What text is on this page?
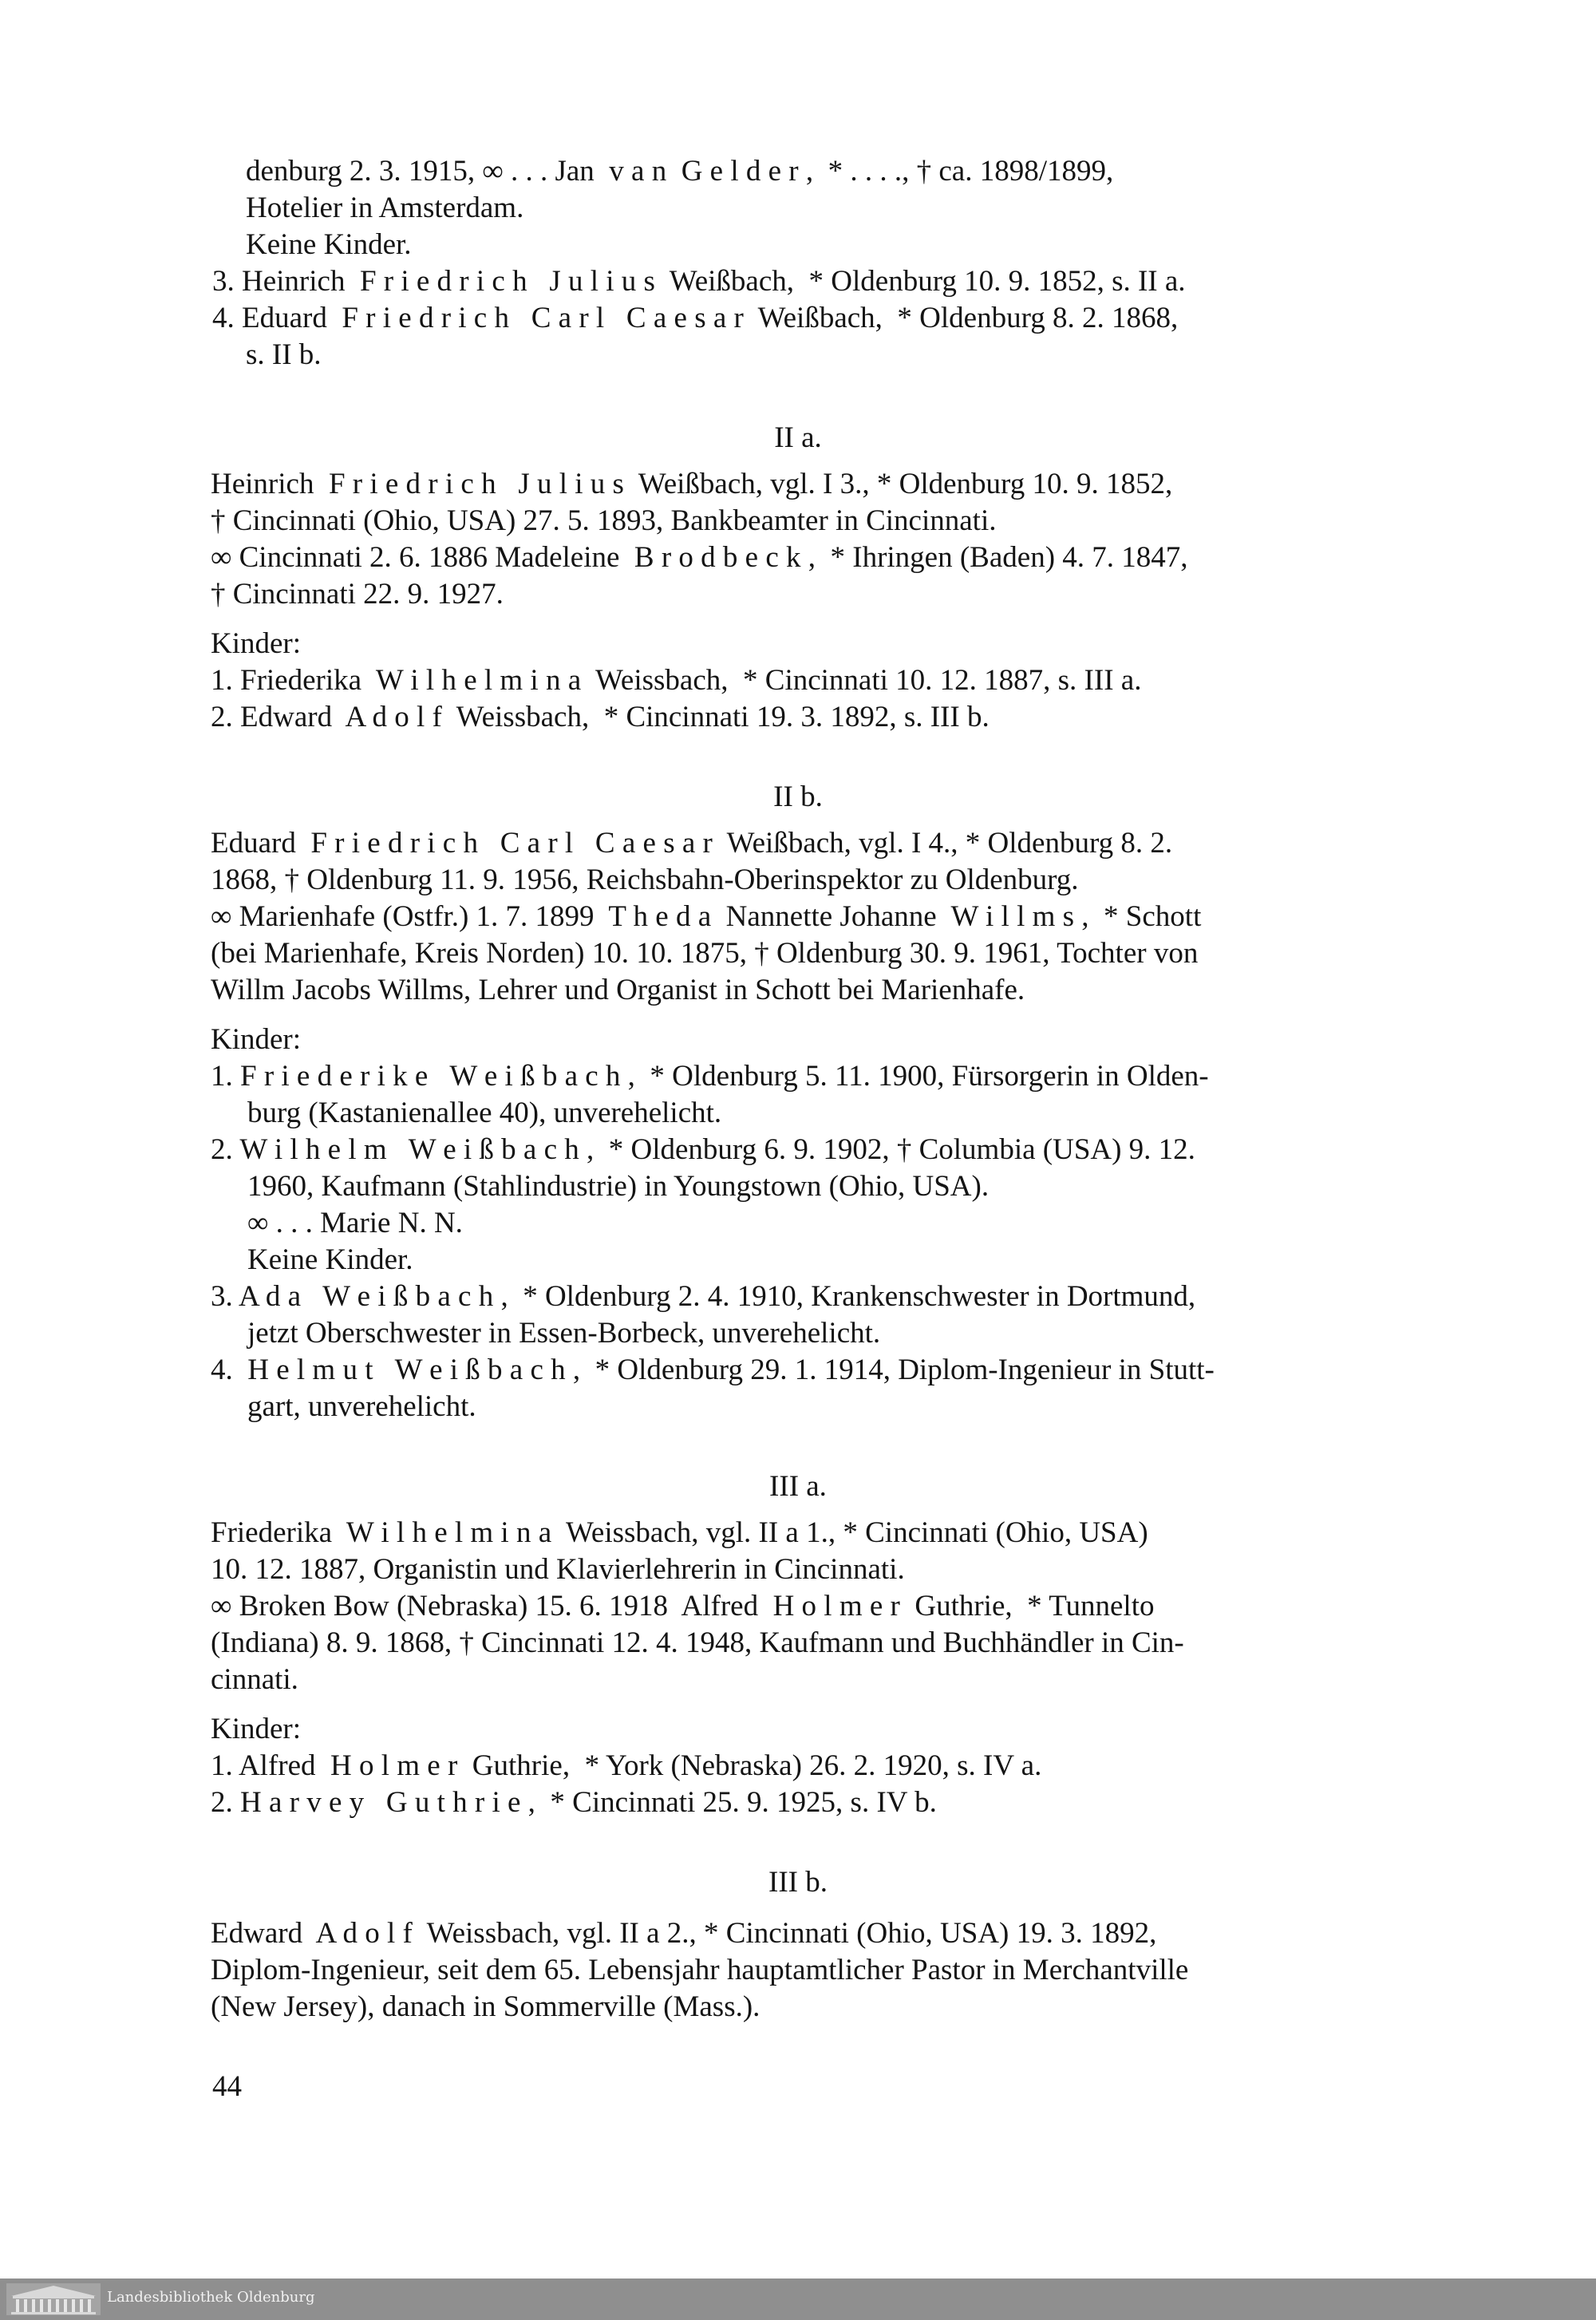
denburg 2. 3. 1915, ∞ . . . Jan  v a n  G e l d e r ,  * . . . ., † ca. 1898/1899,
Hotelier in Amsterdam.
Keine Kinder.
3. Heinrich  F r i e d r i c h   J u l i u s  Weißbach,  * Oldenburg 10. 9. 1852, s. II a.
4. Eduard  F r i e d r i c h   C a r l   C a e s a r  Weißbach,  * Oldenburg 8. 2. 1868,
s. II b.
II a.
Heinrich  F r i e d r i c h   J u l i u s  Weißbach, vgl. I 3., * Oldenburg 10. 9. 1852,
† Cincinnati (Ohio, USA) 27. 5. 1893, Bankbeamter in Cincinnati.
∞ Cincinnati 2. 6. 1886 Madeleine  B r o d b e c k ,  * Ihringen (Baden) 4. 7. 1847,
† Cincinnati 22. 9. 1927.
Kinder:
1. Friederika  W i l h e l m i n a  Weissbach,  * Cincinnati 10. 12. 1887, s. III a.
2. Edward  A d o l f  Weissbach,  * Cincinnati 19. 3. 1892, s. III b.
II b.
Eduard  F r i e d r i c h   C a r l   C a e s a r  Weißbach, vgl. I 4., * Oldenburg 8. 2.
1868, † Oldenburg 11. 9. 1956, Reichsbahn-Oberinspektor zu Oldenburg.
∞ Marienhafe (Ostfr.) 1. 7. 1899  T h e d a  Nannette Johanne  W i l l m s ,  * Schott
(bei Marienhafe, Kreis Norden) 10. 10. 1875, † Oldenburg 30. 9. 1961, Tochter von
Willm Jacobs Willms, Lehrer und Organist in Schott bei Marienhafe.
Kinder:
1. F r i e d e r i k e   W e i ß b a c h ,  * Oldenburg 5. 11. 1900, Fürsorgerin in Olden-
burg (Kastanienallee 40), unverehelicht.
2. W i l h e l m   W e i ß b a c h ,  * Oldenburg 6. 9. 1902, † Columbia (USA) 9. 12.
1960, Kaufmann (Stahlindustrie) in Youngstown (Ohio, USA).
∞ . . . Marie N. N.
Keine Kinder.
3. A d a   W e i ß b a c h ,  * Oldenburg 2. 4. 1910, Krankenschwester in Dortmund,
jetzt Oberschwester in Essen-Borbeck, unverehelicht.
4.  H e l m u t   W e i ß b a c h ,  * Oldenburg 29. 1. 1914, Diplom-Ingenieur in Stutt-
gart, unverehelicht.
III a.
Friederika  W i l h e l m i n a  Weissbach, vgl. II a 1., * Cincinnati (Ohio, USA)
10. 12. 1887, Organistin und Klavierlehrerin in Cincinnati.
∞ Broken Bow (Nebraska) 15. 6. 1918  Alfred  H o l m e r  Guthrie,  * Tunnelto
(Indiana) 8. 9. 1868, † Cincinnati 12. 4. 1948, Kaufmann und Buchhändler in Cin-
cinnati.
Kinder:
1. Alfred  H o l m e r  Guthrie,  * York (Nebraska) 26. 2. 1920, s. IV a.
2. H a r v e y   G u t h r i e ,  * Cincinnati 25. 9. 1925, s. IV b.
III b.
Edward  A d o l f  Weissbach, vgl. II a 2., * Cincinnati (Ohio, USA) 19. 3. 1892,
Diplom-Ingenieur, seit dem 65. Lebensjahr hauptamtlicher Pastor in Merchantville
(New Jersey), danach in Sommerville (Mass.).
44
Landesbibliothek Oldenburg
